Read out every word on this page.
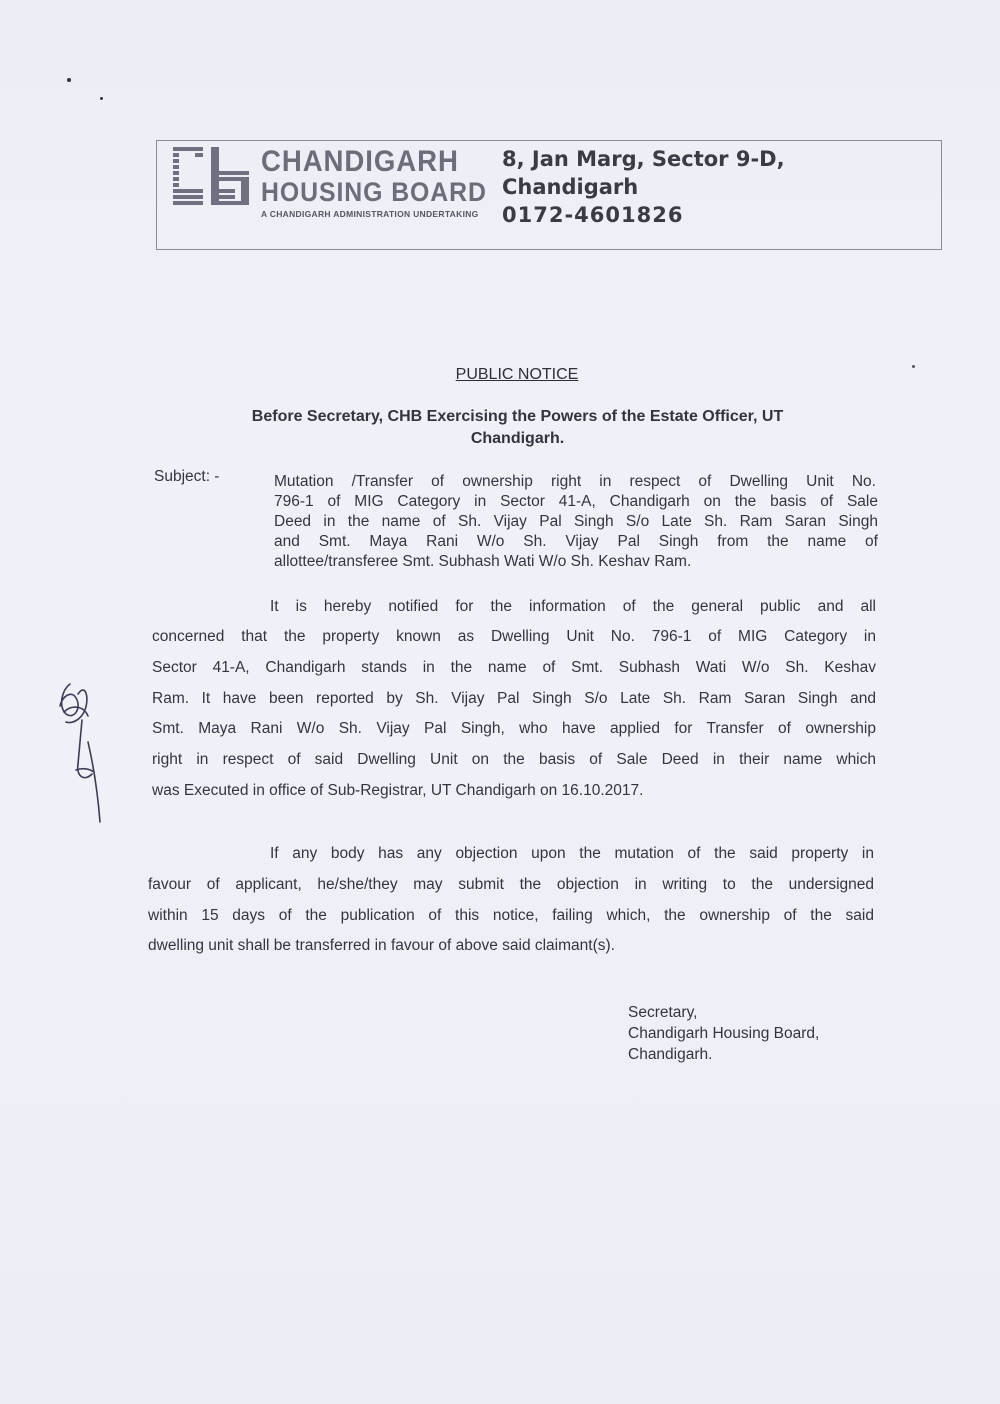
CHANDIGARH
HOUSING BOARD
A CHANDIGARH ADMINISTRATION UNDERTAKING
8, Jan Marg, Sector 9-D,
Chandigarh
0172-4601826
PUBLIC NOTICE
Before Secretary, CHB Exercising the Powers of the Estate Officer, UT
Chandigarh.
Subject: -	Mutation /Transfer of ownership right in respect of Dwelling Unit No.
796-1 of MIG Category in Sector 41-A, Chandigarh on the basis of Sale
Deed in the name of Sh. Vijay Pal Singh S/o Late Sh. Ram Saran Singh
and Smt. Maya Rani W/o Sh. Vijay Pal Singh from the name of
allottee/transferee Smt. Subhash Wati W/o Sh. Keshav Ram.
It is hereby notified for the information of the general public and all
concerned that the property known as Dwelling Unit No. 796-1 of MIG Category in
Sector 41-A, Chandigarh stands in the name of Smt. Subhash Wati W/o Sh. Keshav
Ram. It have been reported by Sh. Vijay Pal Singh S/o Late Sh. Ram Saran Singh and
Smt. Maya Rani W/o Sh. Vijay Pal Singh, who have applied for Transfer of ownership
right in respect of said Dwelling Unit on the basis of Sale Deed in their name which
was Executed in office of Sub-Registrar, UT Chandigarh on 16.10.2017.
If any body has any objection upon the mutation of the said property in
favour of applicant, he/she/they may submit the objection in writing to the undersigned
within 15 days of the publication of this notice, failing which, the ownership of the said
dwelling unit shall be transferred in favour of above said claimant(s).
Secretary,
Chandigarh Housing Board,
Chandigarh.
